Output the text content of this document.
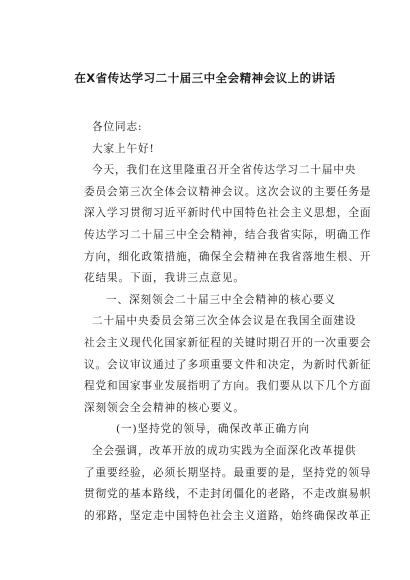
在X省传达学习二十届三中全会精神会议上的讲话

各位同志:

大家上午好!

今天，我们在这里隆重召开全省传达学习二十届中央

委员会第三次全体会议精神会议。这次会议的主要任务是

深入学习贯彻习近平新时代中国特色社会主义思想，全面

传达学习二十届三中全会精神，结合我省实际，明确工作

方向，细化政策措施，确保全会精神在我省落地生根、开

花结果。下面，我讲三点意见。

一、深刻领会二十届三中全会精神的核心要义

二十届中央委员会第三次全体会议是在我国全面建设

社会主义现代化国家新征程的关键时期召开的一次重要会

议。会议审议通过了多项重要文件和决定，为新时代新征

程党和国家事业发展指明了方向。我们要从以下几个方面

深刻领会全会精神的核心要义。

(一)坚持党的领导，确保改革正确方向

全会强调，改革开放的成功实践为全面深化改革提供

了重要经验，必须长期坚持。最重要的是，坚持党的领导

贯彻党的基本路线，不走封闭僵化的老路，不走改旗易帜

的邪路，坚定走中国特色社会主义道路，始终确保改革正
